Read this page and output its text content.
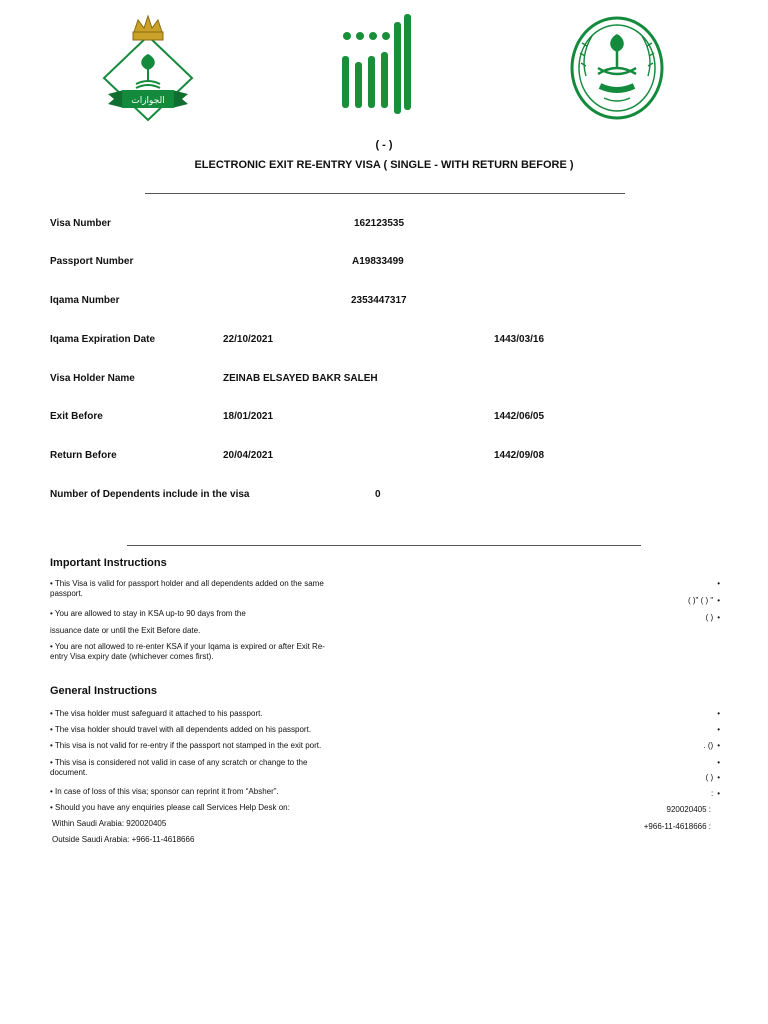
الجوازات
( - )
ELECTRONIC EXIT RE-ENTRY VISA ( SINGLE - WITH RETURN BEFORE )
Visa Number	162123535
Passport Number	A19833499
Iqama Number	2353447317
Iqama Expiration Date	22/10/2021	1443/03/16
Visa Holder Name	ZEINAB ELSAYED BAKR SALEH
Exit Before	18/01/2021	1442/06/05
Return Before	20/04/2021	1442/09/08
Number of Dependents include in the visa	0
Important Instructions
• This Visa is valid for passport holder and all dependents added on the same passport.
• You are allowed to stay in KSA up-to 90 days from the
issuance date or until the Exit Before date.
• You are not allowed to re-enter KSA if your Iqama is expired or after Exit Re-entry Visa expiry date (whichever comes first).
•
( )" ( ) " •
( ) •
General Instructions
• The visa holder must safeguard it attached to his passport.
• The visa holder should travel with all dependents added on his passport.
• This visa is not valid for re-entry if the passport not stamped in the exit port.
• This visa is considered not valid in case of any scratch or change to the document.
• In case of loss of this visa; sponsor can reprint it from “Absher”.
• Should you have any enquiries please call Services Help Desk on:
Within Saudi Arabia: 920020405
Outside Saudi Arabia: +966-11-4618666
•
•
. () •
•
( ) •
: •
920020405 :
+966-11-4618666 :
